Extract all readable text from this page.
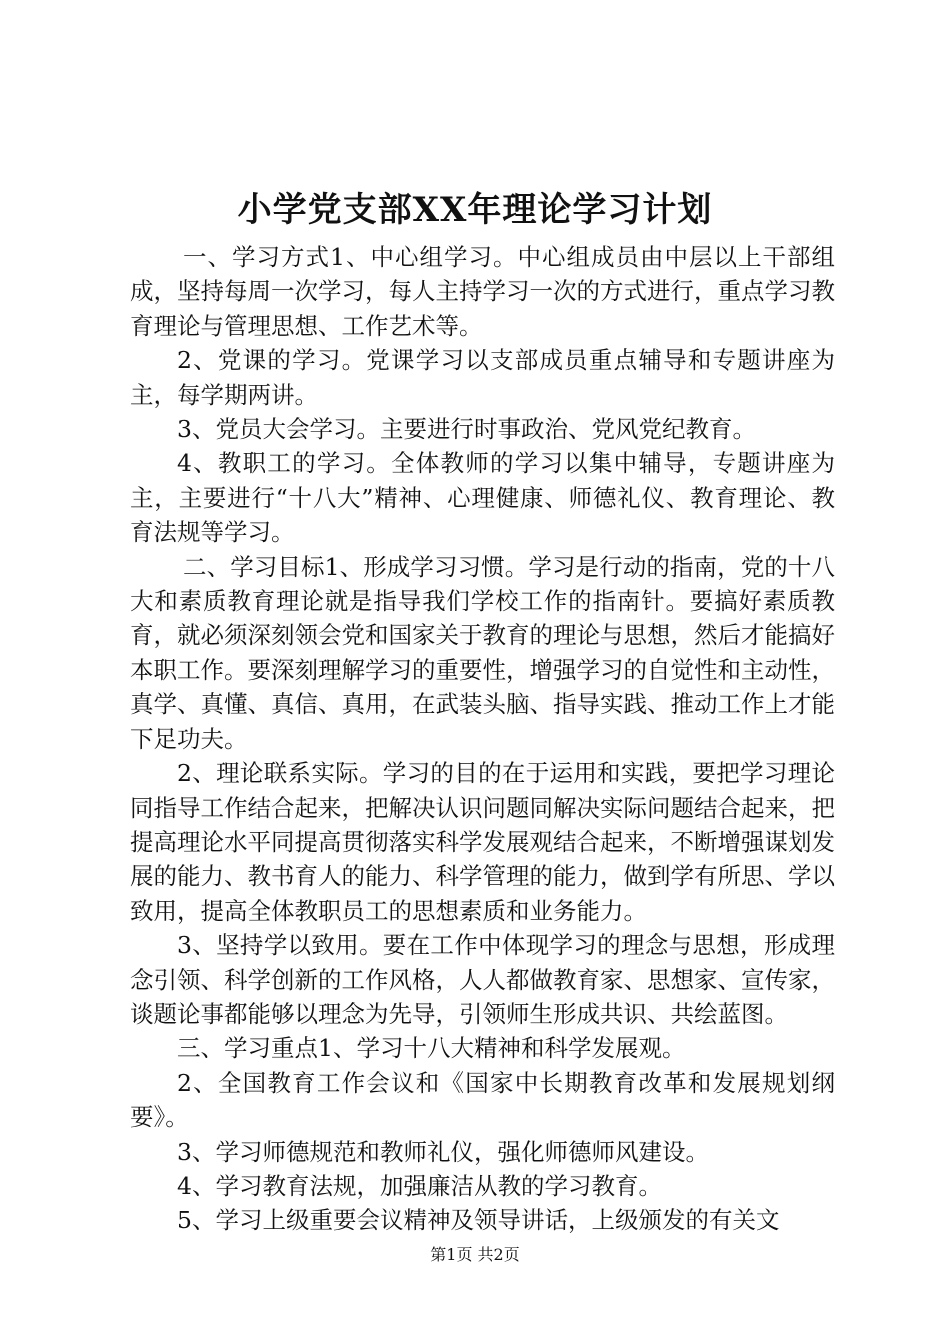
小学党支部XX年理论学习计划

一、学习方式1、中心组学习。中心组成员由中层以上干部组成，坚持每周一次学习，每人主持学习一次的方式进行，重点学习教育理论与管理思想、工作艺术等。

2、党课的学习。党课学习以支部成员重点辅导和专题讲座为主，每学期两讲。

3、党员大会学习。主要进行时事政治、党风党纪教育。

4、教职工的学习。全体教师的学习以集中辅导，专题讲座为主，主要进行“十八大”精神、心理健康、师德礼仪、教育理论、教育法规等学习。

二、学习目标1、形成学习习惯。学习是行动的指南，党的十八大和素质教育理论就是指导我们学校工作的指南针。要搞好素质教育，就必须深刻领会党和国家关于教育的理论与思想，然后才能搞好本职工作。要深刻理解学习的重要性，增强学习的自觉性和主动性，真学、真懂、真信、真用，在武装头脑、指导实践、推动工作上才能下足功夫。

2、理论联系实际。学习的目的在于运用和实践，要把学习理论同指导工作结合起来，把解决认识问题同解决实际问题结合起来，把提高理论水平同提高贯彻落实科学发展观结合起来，不断增强谋划发展的能力、教书育人的能力、科学管理的能力，做到学有所思、学以致用，提高全体教职员工的思想素质和业务能力。

3、坚持学以致用。要在工作中体现学习的理念与思想，形成理念引领、科学创新的工作风格，人人都做教育家、思想家、宣传家，谈题论事都能够以理念为先导，引领师生形成共识、共绘蓝图。

三、学习重点1、学习十八大精神和科学发展观。

2、全国教育工作会议和《国家中长期教育改革和发展规划纲要》。

3、学习师德规范和教师礼仪，强化师德师风建设。

4、学习教育法规，加强廉洁从教的学习教育。

5、学习上级重要会议精神及领导讲话，上级颁发的有关文

第1页 共2页
